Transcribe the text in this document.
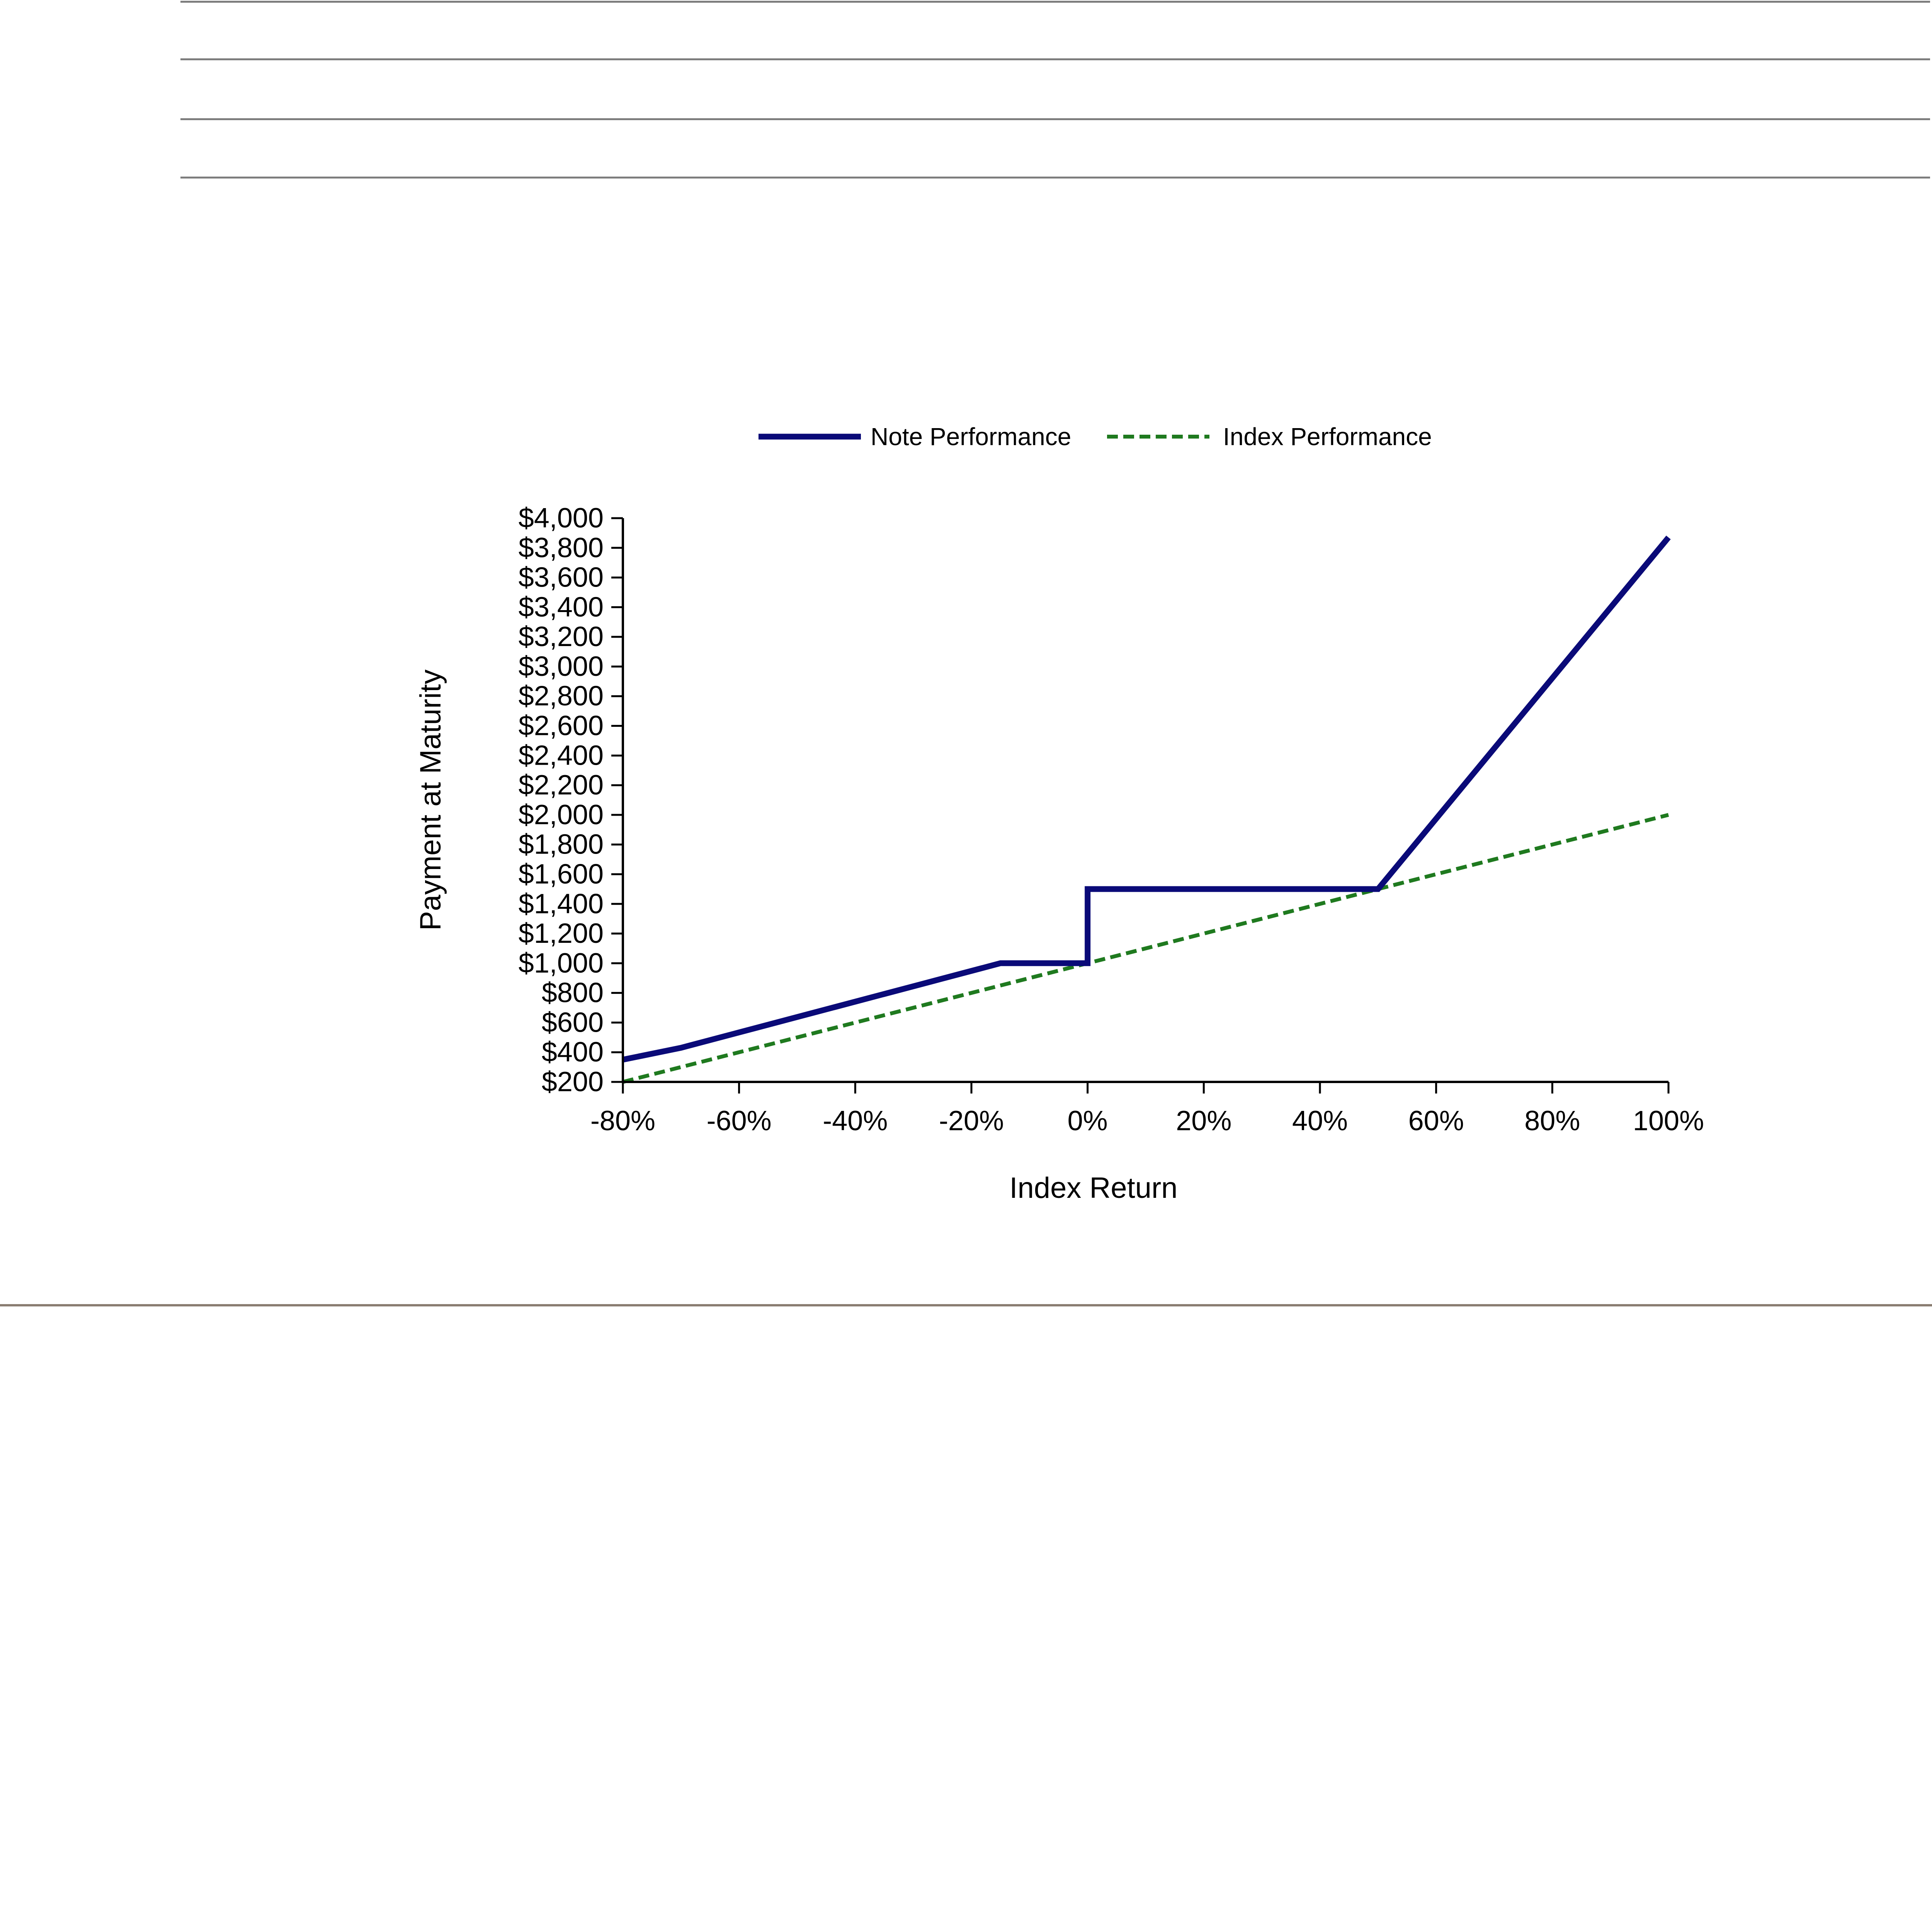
Note Performance	Index Performance
$200
$400
$600
$800
$1,000
$1,200
$1,400
$1,600
$1,800
$2,000
$2,200
$2,400
$2,600
$2,800
$3,000
$3,200
$3,400
$3,600
$3,800
$4,000
-80% -60% -40% -20% 0% 20% 40% 60% 80% 100%
Index Return
Payment at Maturity
